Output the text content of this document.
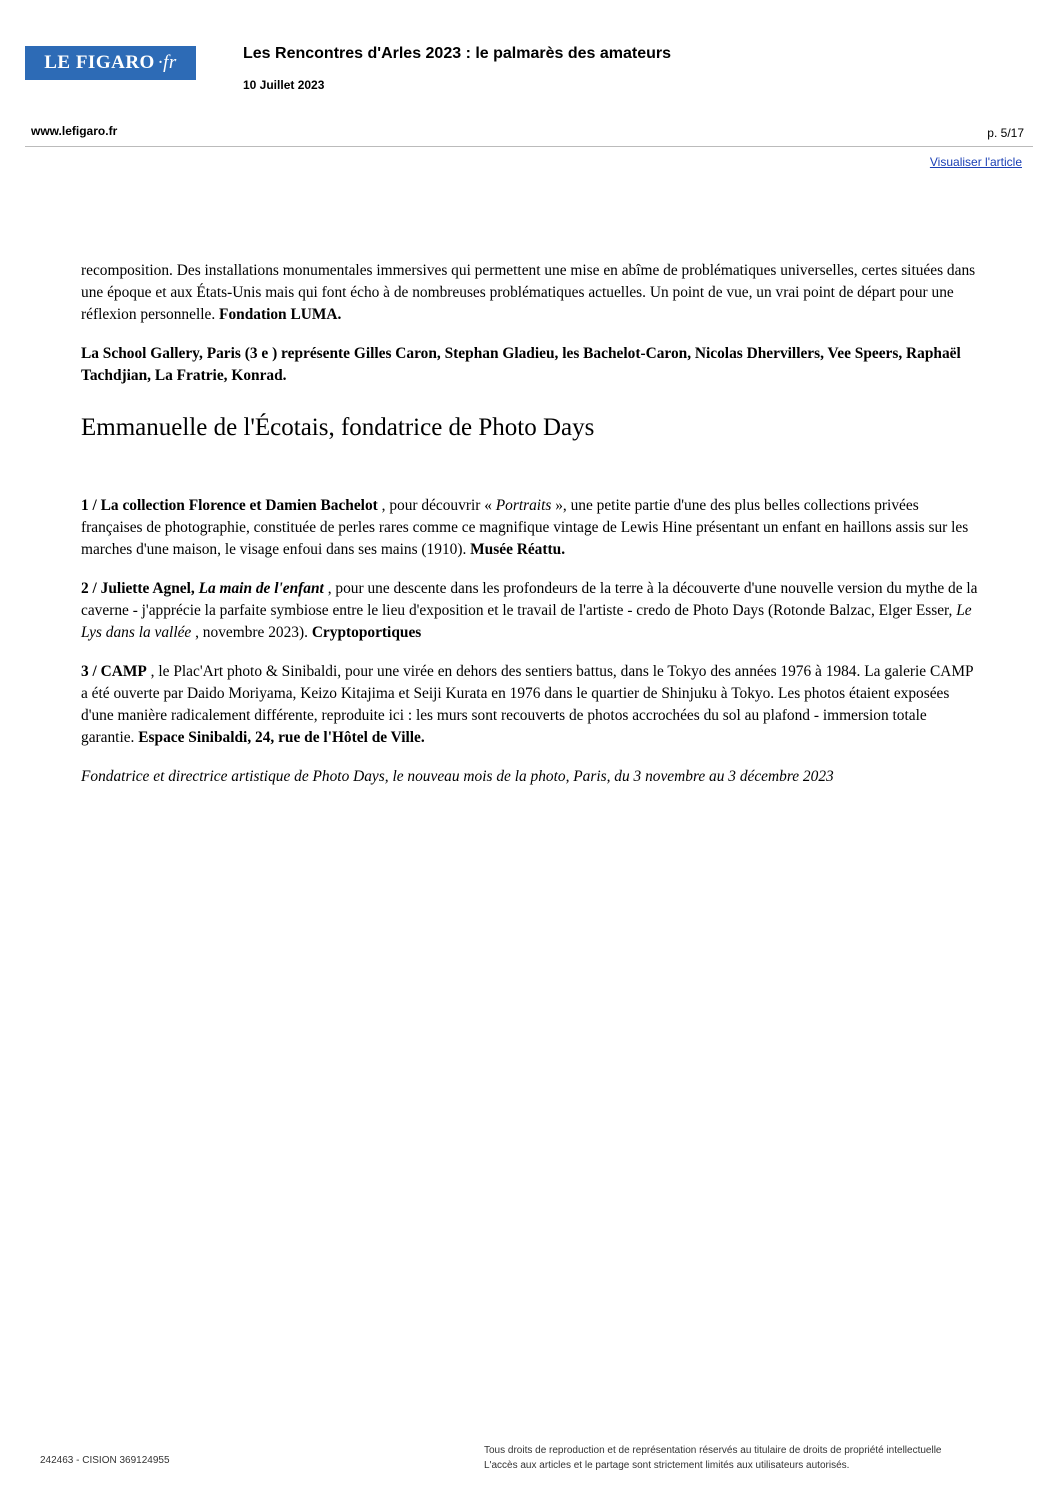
LE FIGARO ·fr	Les Rencontres d'Arles 2023 : le palmarès des amateurs
10 Juillet 2023
www.lefigaro.fr	p. 5/17
Visualiser l'article

recomposition. Des installations monumentales immersives qui permettent une mise en abîme de problématiques universelles, certes situées dans une époque et aux États-Unis mais qui font écho à de nombreuses problématiques actuelles. Un point de vue, un vrai point de départ pour une réflexion personnelle. Fondation LUMA.

La School Gallery, Paris (3 e ) représente Gilles Caron, Stephan Gladieu, les Bachelot-Caron, Nicolas Dhervillers, Vee Speers, Raphaël Tachdjian, La Fratrie, Konrad.

Emmanuelle de l'Écotais, fondatrice de Photo Days

1 / La collection Florence et Damien Bachelot , pour découvrir « Portraits », une petite partie d'une des plus belles collections privées françaises de photographie, constituée de perles rares comme ce magnifique vintage de Lewis Hine présentant un enfant en haillons assis sur les marches d'une maison, le visage enfoui dans ses mains (1910). Musée Réattu.

2 / Juliette Agnel, La main de l'enfant , pour une descente dans les profondeurs de la terre à la découverte d'une nouvelle version du mythe de la caverne - j'apprécie la parfaite symbiose entre le lieu d'exposition et le travail de l'artiste - credo de Photo Days (Rotonde Balzac, Elger Esser, Le Lys dans la vallée , novembre 2023). Cryptoportiques

3 / CAMP , le Plac'Art photo & Sinibaldi, pour une virée en dehors des sentiers battus, dans le Tokyo des années 1976 à 1984. La galerie CAMP a été ouverte par Daido Moriyama, Keizo Kitajima et Seiji Kurata en 1976 dans le quartier de Shinjuku à Tokyo. Les photos étaient exposées d'une manière radicalement différente, reproduite ici : les murs sont recouverts de photos accrochées du sol au plafond - immersion totale garantie. Espace Sinibaldi, 24, rue de l'Hôtel de Ville.

Fondatrice et directrice artistique de Photo Days, le nouveau mois de la photo, Paris, du 3 novembre au 3 décembre 2023

242463 - CISION 369124955
Tous droits de reproduction et de représentation réservés au titulaire de droits de propriété intellectuelle
L'accès aux articles et le partage sont strictement limités aux utilisateurs autorisés.
